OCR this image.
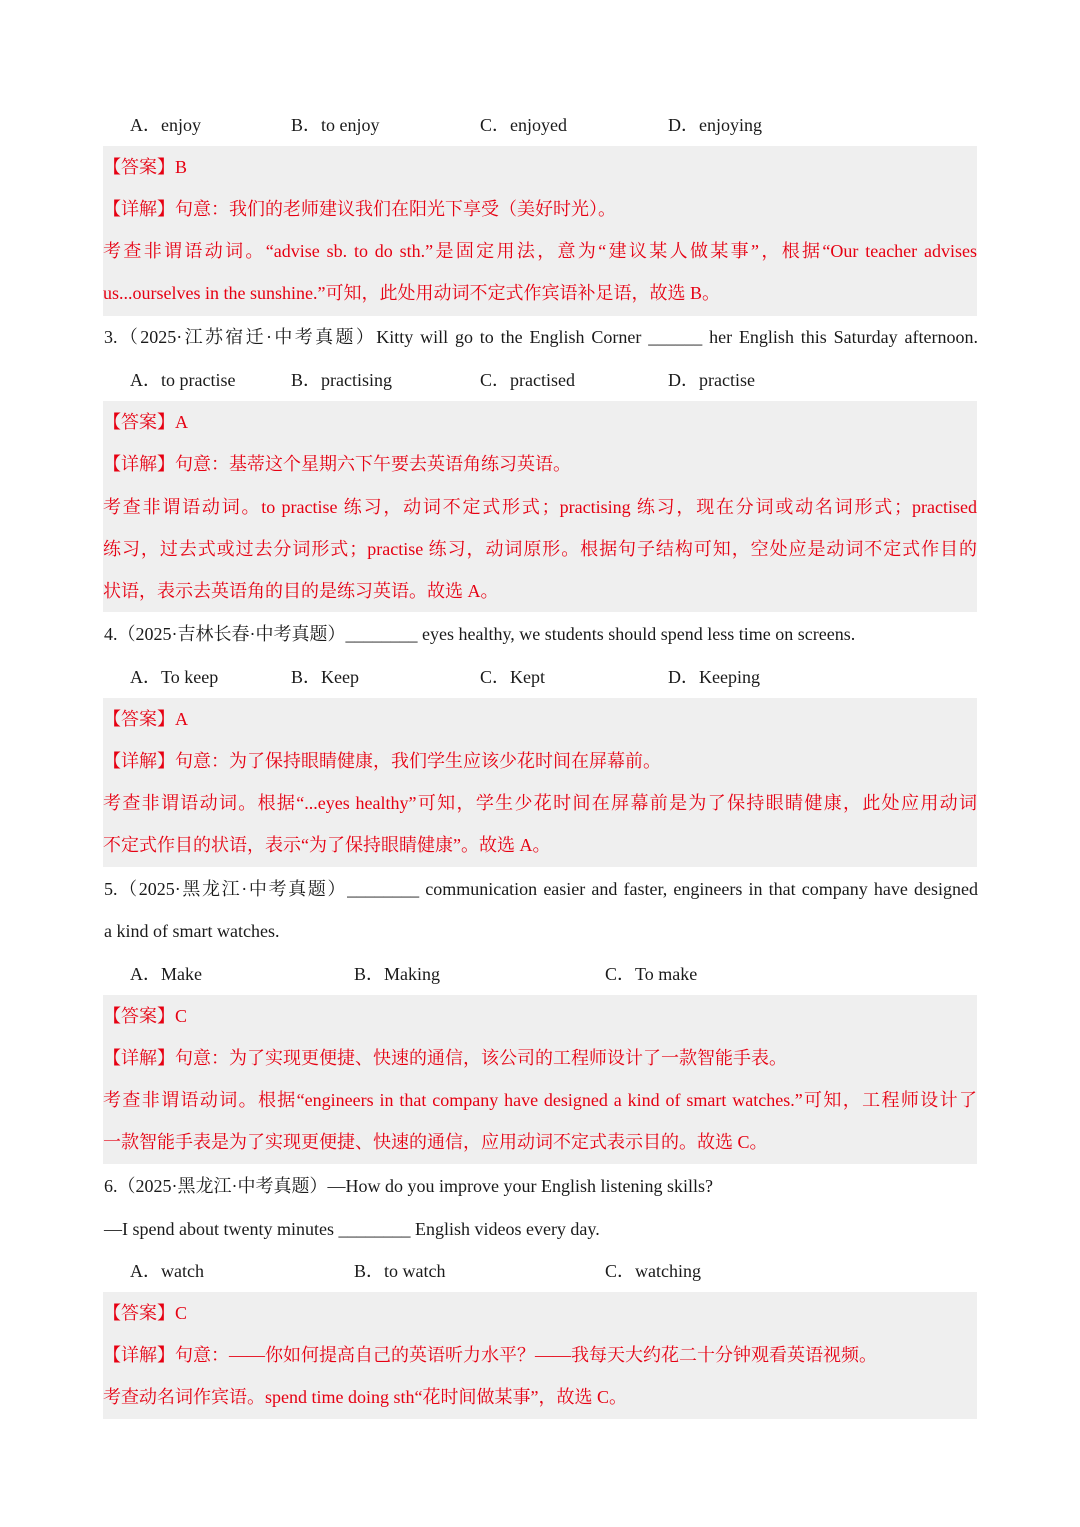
A．enjoy	B．to enjoy	C．enjoyed	D．enjoying
【答案】B
【详解】句意：我们的老师建议我们在阳光下享受（美好时光）。
考查非谓语动词。“advise sb. to do sth.”是固定用法，意为“建议某人做某事”，根据“Our teacher advises
us...ourselves in the sunshine.”可知，此处用动词不定式作宾语补足语，故选 B。
3.（2025·江苏宿迁·中考真题）Kitty will go to the English Corner ______ her English this Saturday afternoon.
A．to practise	B．practising	C．practised	D．practise
【答案】A
【详解】句意：基蒂这个星期六下午要去英语角练习英语。
考查非谓语动词。to practise 练习，动词不定式形式；practising 练习，现在分词或动名词形式；practised
练习，过去式或过去分词形式；practise 练习，动词原形。根据句子结构可知，空处应是动词不定式作目的
状语，表示去英语角的目的是练习英语。故选 A。
4.（2025·吉林长春·中考真题）________ eyes healthy, we students should spend less time on screens.
A．To keep	B．Keep	C．Kept	D．Keeping
【答案】A
【详解】句意：为了保持眼睛健康，我们学生应该少花时间在屏幕前。
考查非谓语动词。根据“...eyes healthy”可知，学生少花时间在屏幕前是为了保持眼睛健康，此处应用动词
不定式作目的状语，表示“为了保持眼睛健康”。故选 A。
5.（2025·黑龙江·中考真题）________ communication easier and faster, engineers in that company have designed
a kind of smart watches.
A．Make	B．Making	C．To make
【答案】C
【详解】句意：为了实现更便捷、快速的通信，该公司的工程师设计了一款智能手表。
考查非谓语动词。根据“engineers in that company have designed a kind of smart watches.”可知，工程师设计了
一款智能手表是为了实现更便捷、快速的通信，应用动词不定式表示目的。故选 C。
6.（2025·黑龙江·中考真题）—How do you improve your English listening skills?
—I spend about twenty minutes ________ English videos every day.
A．watch	B．to watch	C．watching
【答案】C
【详解】句意：——你如何提高自己的英语听力水平？——我每天大约花二十分钟观看英语视频。
考查动名词作宾语。spend time doing sth“花时间做某事”，故选 C。
